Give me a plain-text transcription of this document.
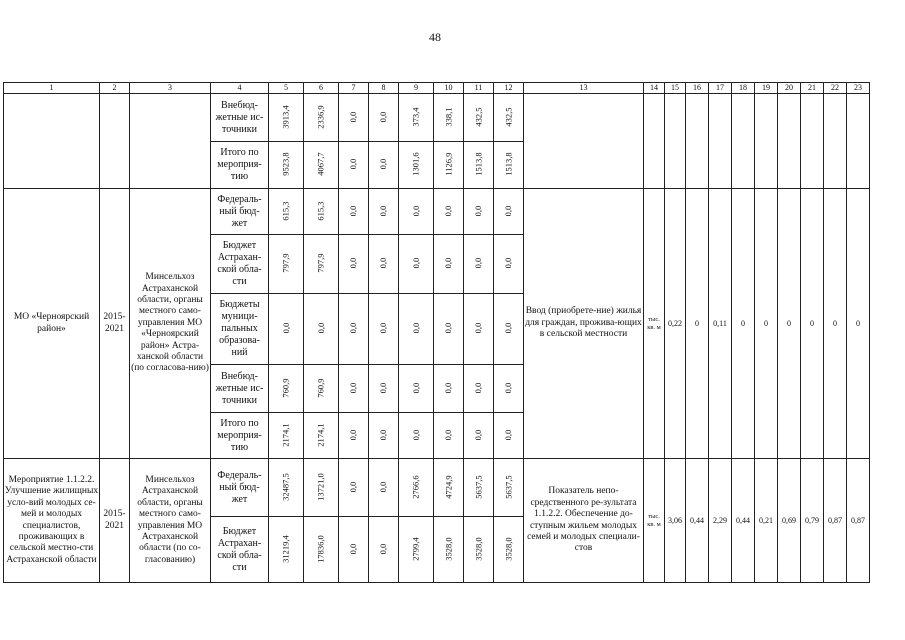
48
1	2	3	4	5	6	7	8	9	10	11	12	13	14	15	16	17	18	19	20	21	22	23
			Внебюд-жетные ис-точники	3913,4	2336,9	0,0	0,0	373,4	338,1	432,5	432,5											
			Итого по мероприя-тию	9523,8	4067,7	0,0	0,0	1301,6	1126,9	1513,8	1513,8											
МО «Черноярский район»	2015-2021	Минсельхоз Астраханской области, органы местного само-управления МО «Черноярский район» Астра-ханской области (по согласова-нию)	Федераль-ный бюд-жет	615,3	615,3	0,0	0,0	0,0	0,0	0,0	0,0	Ввод (приобрете-ние) жилья для граждан, прожива-ющих в сельской местности	тыс. кв. м	0,22	0	0,11	0	0	0	0	0	0
			Бюджет Астрахан-ской обла-сти	797,9	797,9	0,0	0,0	0,0	0,0	0,0	0,0											
			Бюджеты муници-пальных образова-ний	0,0	0,0	0,0	0,0	0,0	0,0	0,0	0,0											
			Внебюд-жетные ис-точники	760,9	760,9	0,0	0,0	0,0	0,0	0,0	0,0											
			Итого по мероприя-тию	2174,1	2174,1	0,0	0,0	0,0	0,0	0,0	0,0											
Мероприятие 1.1.2.2. Улучшение жилищных усло-вий молодых се-мей и молодых специалистов, проживающих в сельской местно-сти Астраханской области	2015-2021	Минсельхоз Астраханской области, органы местного само-управления МО Астраханской области (по со-гласованию)	Федераль-ный бюд-жет	32487,5	13721,0	0,0	0,0	2766,6	4724,9	5637,5	5637,5	Показатель непо-средственного ре-зультата 1.1.2.2. Обеспечение до-ступным жильем молодых семей и молодых специали-стов	тыс. кв. м	3,06	0,44	2,29	0,44	0,21	0,69	0,79	0,87	0,87
			Бюджет Астрахан-ской обла-сти	31219,4	17836,0	0,0	0,0	2799,4	3528,0	3528,0	3528,0											
